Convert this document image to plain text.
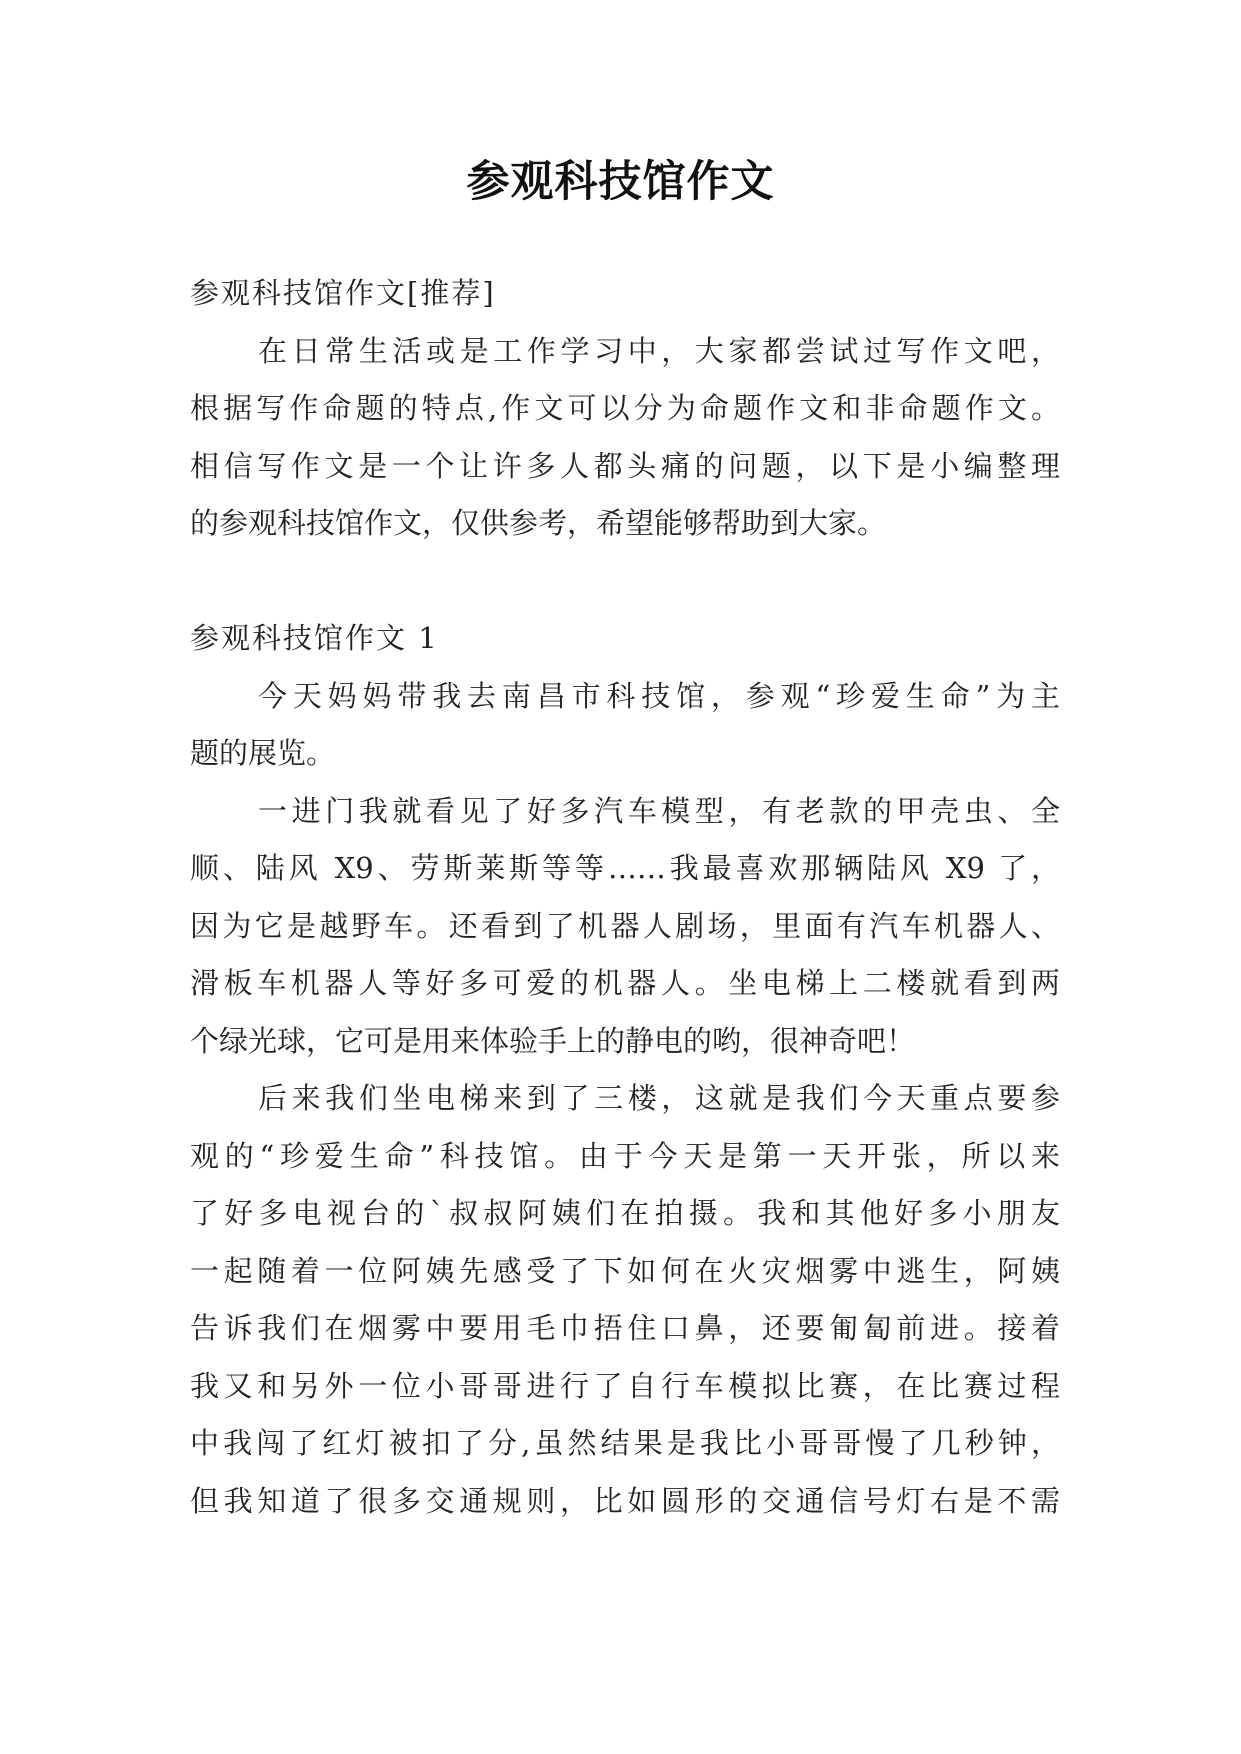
参观科技馆作文
参观科技馆作文[推荐]
在日常生活或是工作学习中，大家都尝试过写作文吧，
根据写作命题的特点,作文可以分为命题作文和非命题作文。
相信写作文是一个让许多人都头痛的问题，以下是小编整理
的参观科技馆作文，仅供参考，希望能够帮助到大家。
参观科技馆作文 1
今天妈妈带我去南昌市科技馆，参观“珍爱生命”为主
题的展览。
一进门我就看见了好多汽车模型，有老款的甲壳虫、全
顺、陆风 X9、劳斯莱斯等等……我最喜欢那辆陆风 X9 了，
因为它是越野车。还看到了机器人剧场，里面有汽车机器人、
滑板车机器人等好多可爱的机器人。坐电梯上二楼就看到两
个绿光球，它可是用来体验手上的静电的哟，很神奇吧！
后来我们坐电梯来到了三楼，这就是我们今天重点要参
观的“珍爱生命”科技馆。由于今天是第一天开张，所以来
了好多电视台的`叔叔阿姨们在拍摄。我和其他好多小朋友
一起随着一位阿姨先感受了下如何在火灾烟雾中逃生，阿姨
告诉我们在烟雾中要用毛巾捂住口鼻，还要匍匐前进。接着
我又和另外一位小哥哥进行了自行车模拟比赛，在比赛过程
中我闯了红灯被扣了分,虽然结果是我比小哥哥慢了几秒钟，
但我知道了很多交通规则，比如圆形的交通信号灯右是不需
